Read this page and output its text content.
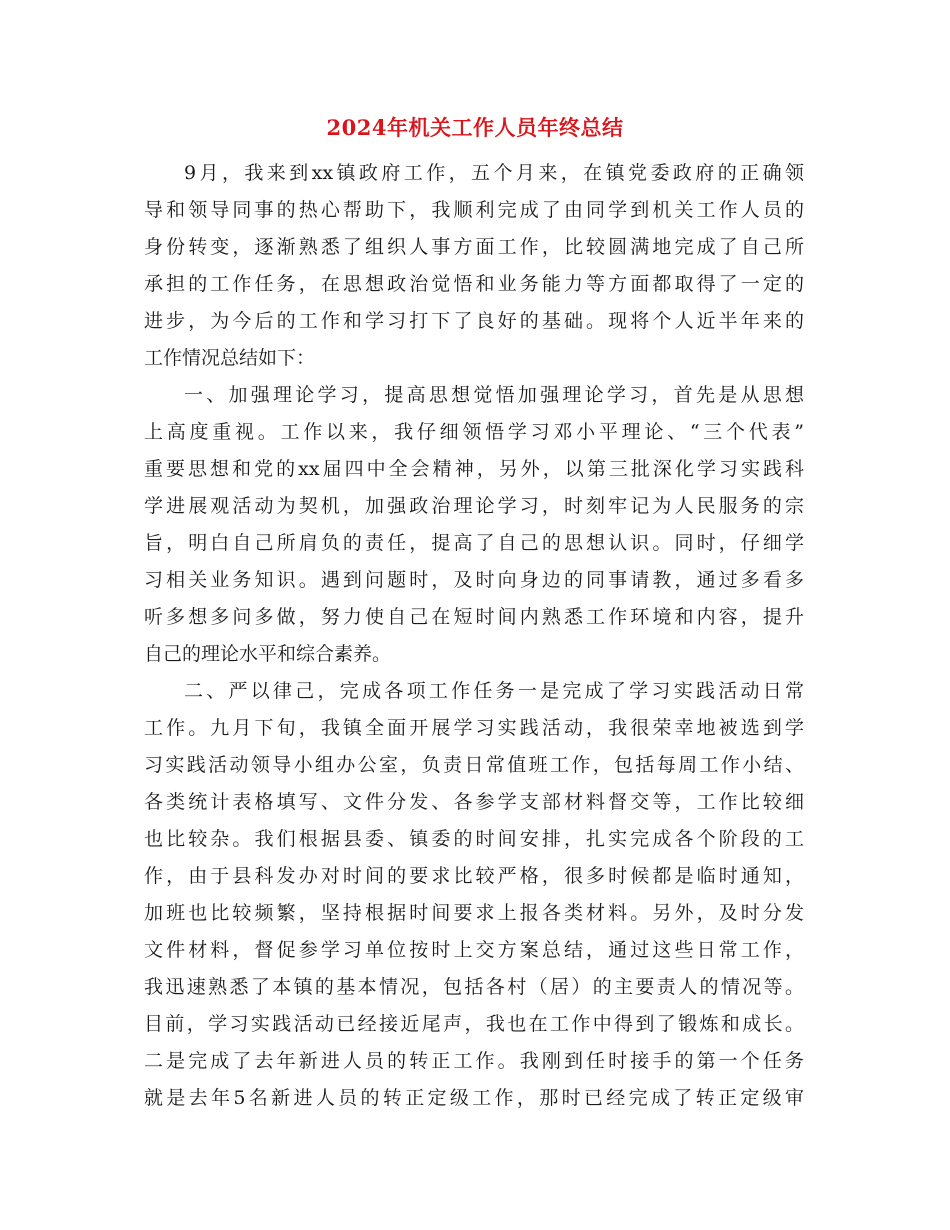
2024年机关工作人员年终总结
9月，我来到xx镇政府工作，五个月来，在镇党委政府的正确领
导和领导同事的热心帮助下，我顺利完成了由同学到机关工作人员的
身份转变，逐渐熟悉了组织人事方面工作，比较圆满地完成了自己所
承担的工作任务，在思想政治觉悟和业务能力等方面都取得了一定的
进步，为今后的工作和学习打下了良好的基础。现将个人近半年来的
工作情况总结如下：
一、加强理论学习，提高思想觉悟加强理论学习，首先是从思想
上高度重视。工作以来，我仔细领悟学习邓小平理论、“三个代表”
重要思想和党的xx届四中全会精神，另外，以第三批深化学习实践科
学进展观活动为契机，加强政治理论学习，时刻牢记为人民服务的宗
旨，明白自己所肩负的责任，提高了自己的思想认识。同时，仔细学
习相关业务知识。遇到问题时，及时向身边的同事请教，通过多看多
听多想多问多做，努力使自己在短时间内熟悉工作环境和内容，提升
自己的理论水平和综合素养。
二、严以律己，完成各项工作任务一是完成了学习实践活动日常
工作。九月下旬，我镇全面开展学习实践活动，我很荣幸地被选到学
习实践活动领导小组办公室，负责日常值班工作，包括每周工作小结、
各类统计表格填写、文件分发、各参学支部材料督交等，工作比较细
也比较杂。我们根据县委、镇委的时间安排，扎实完成各个阶段的工
作，由于县科发办对时间的要求比较严格，很多时候都是临时通知，
加班也比较频繁，坚持根据时间要求上报各类材料。另外，及时分发
文件材料，督促参学习单位按时上交方案总结，通过这些日常工作，
我迅速熟悉了本镇的基本情况，包括各村（居）的主要责人的情况等。
目前，学习实践活动已经接近尾声，我也在工作中得到了锻炼和成长。
二是完成了去年新进人员的转正工作。我刚到任时接手的第一个任务
就是去年5名新进人员的转正定级工作，那时已经完成了转正定级审
